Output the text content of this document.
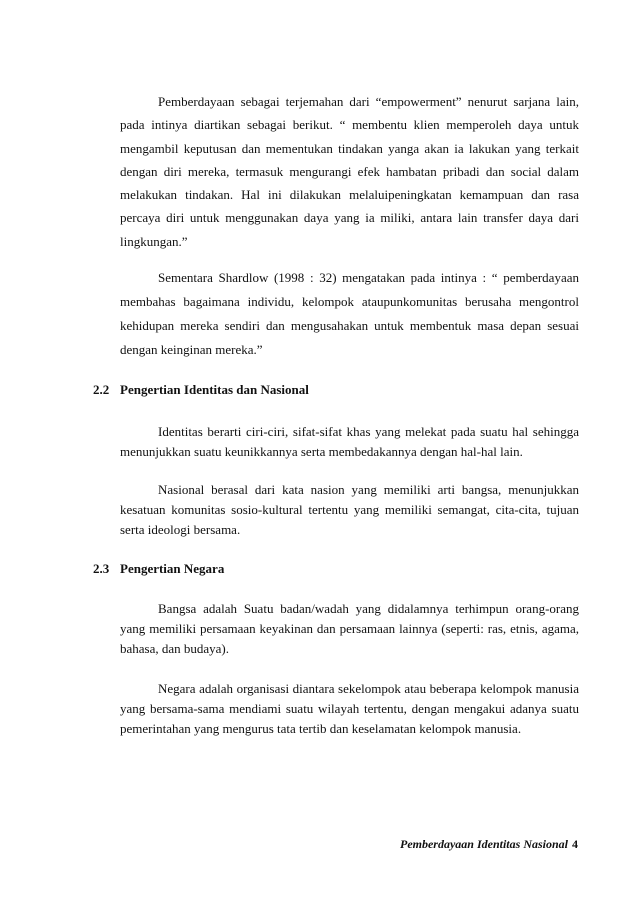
Pemberdayaan sebagai terjemahan dari “empowerment” nenurut sarjana lain, pada intinya diartikan sebagai berikut. “ membentu klien memperoleh daya untuk mengambil keputusan dan mementukan tindakan yanga akan ia lakukan yang terkait dengan diri mereka, termasuk mengurangi efek hambatan pribadi dan social dalam melakukan tindakan. Hal ini dilakukan melaluipeningkatan kemampuan dan rasa percaya diri untuk menggunakan daya yang ia miliki, antara lain transfer daya dari lingkungan.”

Sementara Shardlow (1998 : 32) mengatakan pada intinya : “ pemberdayaan membahas bagaimana individu, kelompok ataupunkomunitas berusaha mengontrol kehidupan mereka sendiri dan mengusahakan untuk membentuk masa depan sesuai dengan keinginan mereka.”

2.2 Pengertian Identitas dan Nasional

Identitas berarti ciri-ciri, sifat-sifat khas yang melekat pada suatu hal sehingga menunjukkan suatu keunikkannya serta membedakannya dengan hal-hal lain.

Nasional berasal dari kata nasion yang memiliki arti bangsa, menunjukkan kesatuan komunitas sosio-kultural tertentu yang memiliki semangat, cita-cita, tujuan serta ideologi bersama.

2.3 Pengertian Negara

Bangsa adalah Suatu badan/wadah yang didalamnya terhimpun orang-orang yang memiliki persamaan keyakinan dan persamaan lainnya (seperti: ras, etnis, agama, bahasa, dan budaya).

Negara adalah organisasi diantara sekelompok atau beberapa kelompok manusia yang bersama-sama mendiami suatu wilayah tertentu, dengan mengakui adanya suatu pemerintahan yang mengurus tata tertib dan keselamatan kelompok manusia.

Pemberdayaan Identitas Nasional 4
